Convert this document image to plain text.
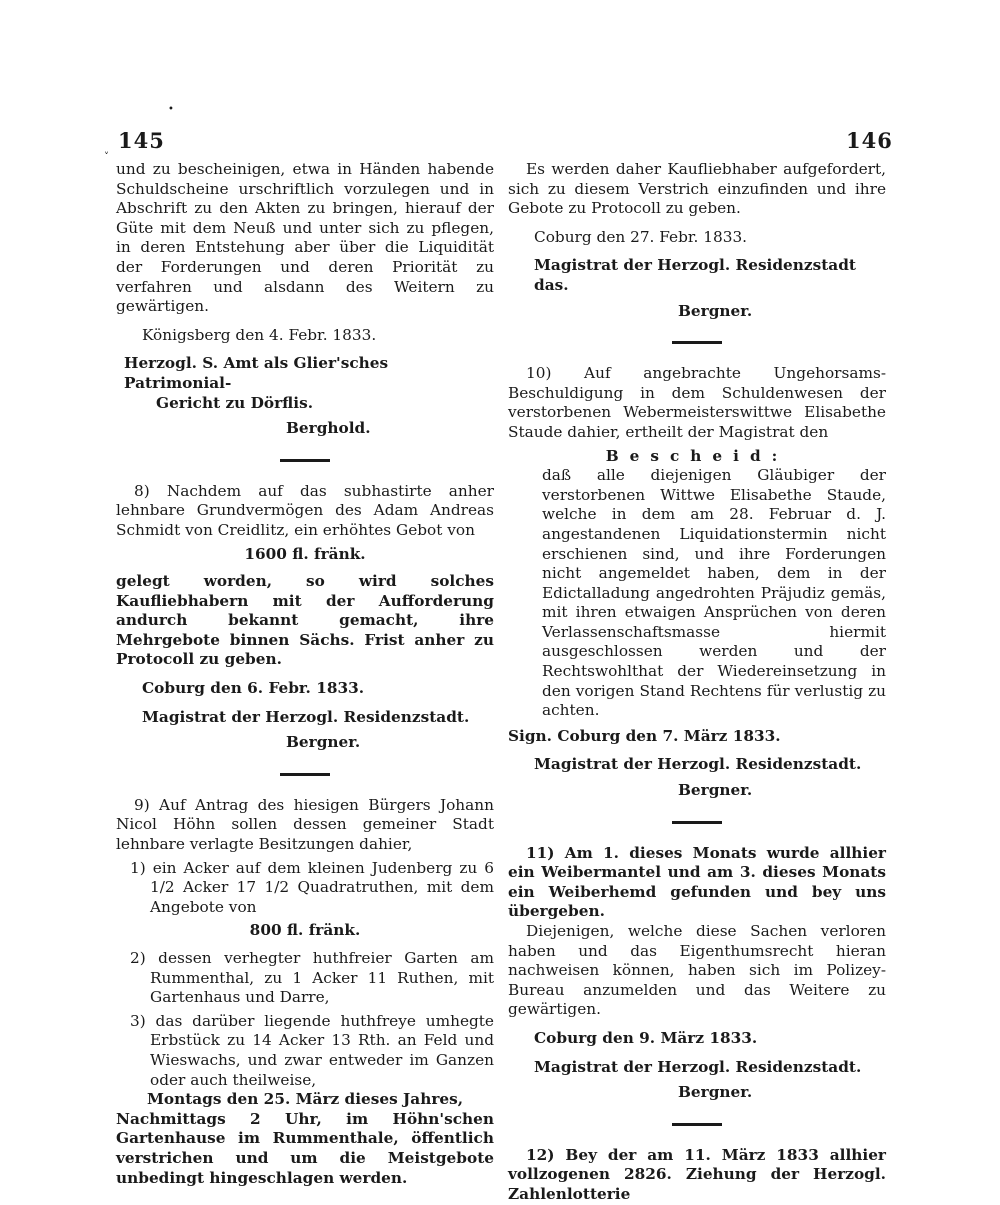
•
˅
145	146

und zu bescheinigen, etwa in Händen habende Schuldscheine urschriftlich vorzulegen und in Abschrift zu den Akten zu bringen, hierauf der Güte mit dem Neuß und unter sich zu pflegen, in deren Entstehung aber über die Liquidität der Forderungen und deren Priorität zu verfahren und alsdann des Weitern zu gewärtigen.

Königsberg den 4. Febr. 1833.

Herzogl. S. Amt als Glier'sches Patrimonial-

Gericht zu Dörflis.

Berghold.

8) Nachdem auf das subhastirte anher lehnbare Grundvermögen des Adam Andreas Schmidt von Creidlitz, ein erhöhtes Gebot von

1600 fl. fränk.

gelegt worden, so wird solches Kaufliebhabern mit der Aufforderung andurch bekannt gemacht, ihre Mehrgebote binnen Sächs. Frist anher zu Protocoll zu geben.

Coburg den 6. Febr. 1833.

Magistrat der Herzogl. Residenzstadt.

Bergner.

9) Auf Antrag des hiesigen Bürgers Johann Nicol Höhn sollen dessen gemeiner Stadt lehnbare verlagte Besitzungen dahier,

1) ein Acker auf dem kleinen Judenberg zu 6 1/2 Acker 17 1/2 Quadratruthen, mit dem Angebote von

800 fl. fränk.

2) dessen verhegter huthfreier Garten am Rummenthal, zu 1 Acker 11 Ruthen, mit Gartenhaus und Darre,

3) das darüber liegende huthfreye umhegte Erbstück zu 14 Acker 13 Rth. an Feld und Wieswachs, und zwar entweder im Ganzen oder auch theilweise,

Montags den 25. März dieses Jahres,

Nachmittags 2 Uhr, im Höhn'schen Gartenhause im Rummenthale, öffentlich verstrichen und um die Meistgebote unbedingt hingeschlagen werden.

Es werden daher Kaufliebhaber aufgefordert, sich zu diesem Verstrich einzufinden und ihre Gebote zu Protocoll zu geben.

Coburg den 27. Febr. 1833.

Magistrat der Herzogl. Residenzstadt das.

Bergner.

10) Auf angebrachte Ungehorsams-Beschuldigung in dem Schuldenwesen der verstorbenen Webermeisterswittwe Elisabethe Staude dahier, ertheilt der Magistrat den

Bescheid:

daß alle diejenigen Gläubiger der verstorbenen Wittwe Elisabethe Staude, welche in dem am 28. Februar d. J. angestandenen Liquidationstermin nicht erschienen sind, und ihre Forderungen nicht angemeldet haben, dem in der Edictalladung angedrohten Präjudiz gemäs, mit ihren etwaigen Ansprüchen von deren Verlassenschaftsmasse hiermit ausgeschlossen werden und der Rechtswohlthat der Wiedereinsetzung in den vorigen Stand Rechtens für verlustig zu achten.

Sign. Coburg den 7. März 1833.

Magistrat der Herzogl. Residenzstadt.

Bergner.

11) Am 1. dieses Monats wurde allhier ein Weibermantel und am 3. dieses Monats ein Weiberhemd gefunden und bey uns übergeben.

Diejenigen, welche diese Sachen verloren haben und das Eigenthumsrecht hieran nachweisen können, haben sich im Polizey-Bureau anzumelden und das Weitere zu gewärtigen.

Coburg den 9. März 1833.

Magistrat der Herzogl. Residenzstadt.

Bergner.

12) Bey der am 11. März 1833 allhier vollzogenen 2826. Ziehung der Herzogl. Zahlenlotterie
